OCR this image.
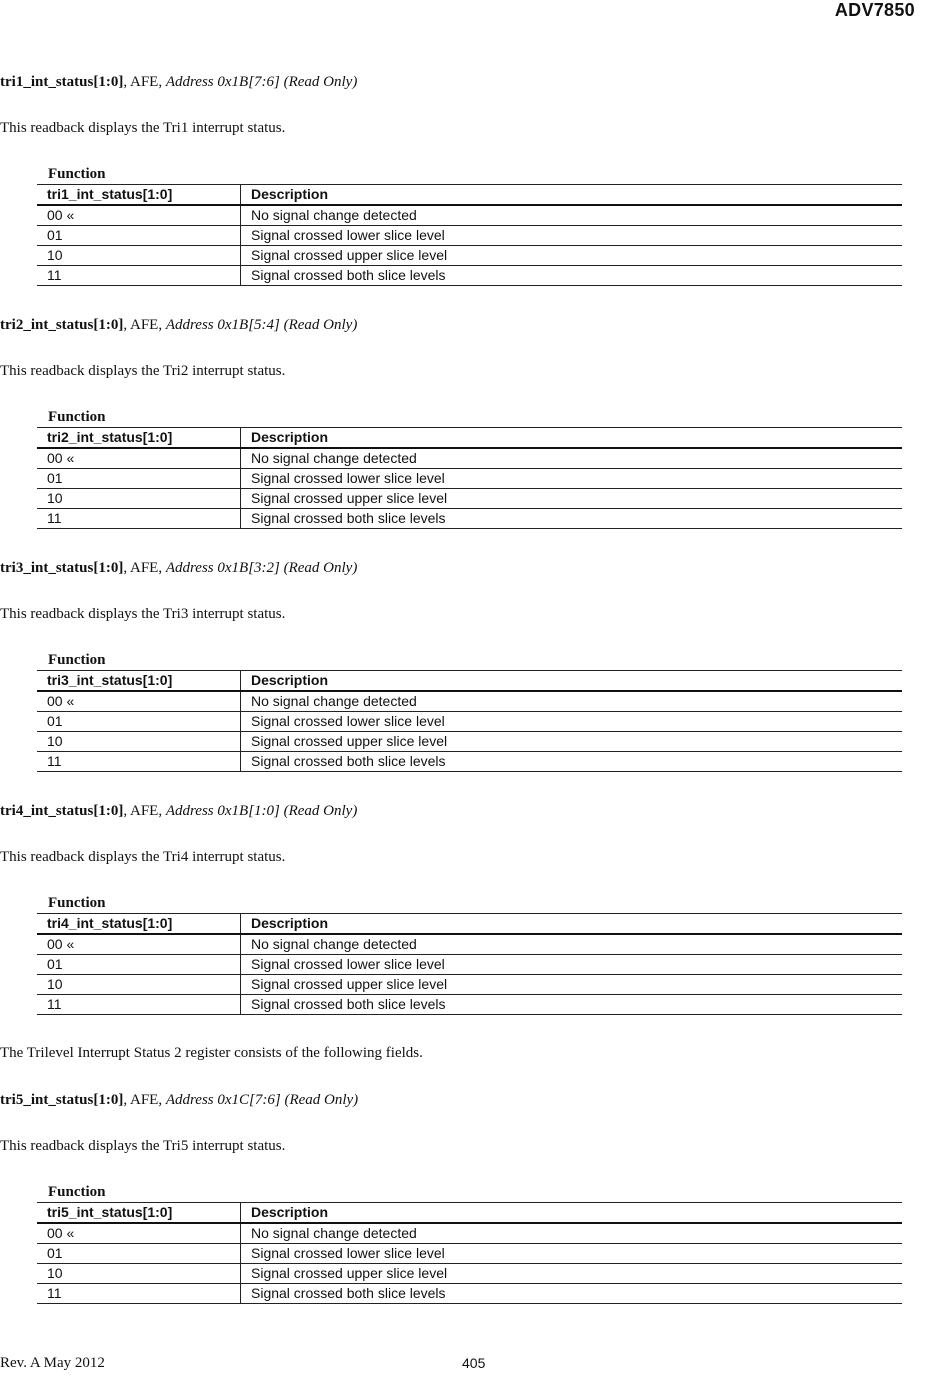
ADV7850

tri1_int_status[1:0], AFE, Address 0x1B[7:6] (Read Only)

This readback displays the Tri1 interrupt status.

Function

tri1_int_status[1:0]	Description
00 «	No signal change detected
01	Signal crossed lower slice level
10	Signal crossed upper slice level
11	Signal crossed both slice levels

tri2_int_status[1:0], AFE, Address 0x1B[5:4] (Read Only)

This readback displays the Tri2 interrupt status.

Function

tri2_int_status[1:0]	Description
00 «	No signal change detected
01	Signal crossed lower slice level
10	Signal crossed upper slice level
11	Signal crossed both slice levels

tri3_int_status[1:0], AFE, Address 0x1B[3:2] (Read Only)

This readback displays the Tri3 interrupt status.

Function

tri3_int_status[1:0]	Description
00 «	No signal change detected
01	Signal crossed lower slice level
10	Signal crossed upper slice level
11	Signal crossed both slice levels

tri4_int_status[1:0], AFE, Address 0x1B[1:0] (Read Only)

This readback displays the Tri4 interrupt status.

Function

tri4_int_status[1:0]	Description
00 «	No signal change detected
01	Signal crossed lower slice level
10	Signal crossed upper slice level
11	Signal crossed both slice levels

The Trilevel Interrupt Status 2 register consists of the following fields.

tri5_int_status[1:0], AFE, Address 0x1C[7:6] (Read Only)

This readback displays the Tri5 interrupt status.

Function

tri5_int_status[1:0]	Description
00 «	No signal change detected
01	Signal crossed lower slice level
10	Signal crossed upper slice level
11	Signal crossed both slice levels
Rev. A May 2012	405
